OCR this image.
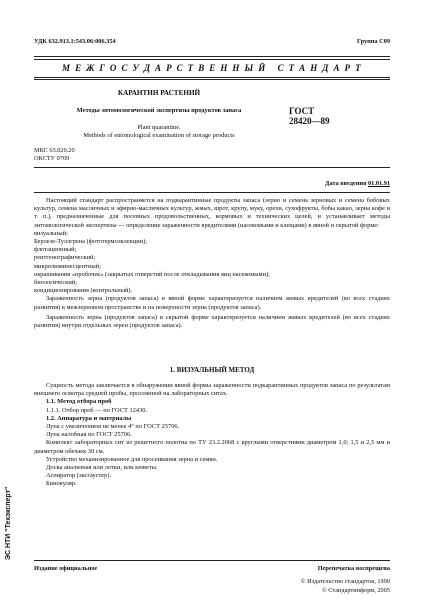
УДК 632.913.1:543.06:006.354	Группа С09
М Е Ж Г О С У Д А Р С Т В Е Н Н Ы Й   С Т А Н Д А Р Т
КАРАНТИН РАСТЕНИЙ
Методы энтомологической экспертизы продуктов запаса
Plant quarantine.
Methods of entomological examination of storage products
ГОСТ
28420—89
МКС 65.020.20
ОКСТУ 9709
Дата введения 01.01.91
Настоящий стандарт распространяется на подкарантинные продукты запаса (зерно и семена зерновых и семена бобовых культур, семена масличных и эфирно-масличных культур, жмых, шрот, крупу, муку, орехи, сухофрукты, бобы какао, зерна кофе и т. п.), предназначенные для посевных продовольственных, кормовых и технических целей, и устанавливает методы энтомологической экспертизы — определение зараженности вредителями (насекомыми и клещами) в явной и скрытой форме:
визуальный;
Берлезе-Туллгрена (фототермоэклекции);
флотационный;
рентгенографический;
микролюминесцентный;
окрашивания «пробочек» (закрытых отверстий после откладывания яиц насекомыми);
биологический;
кондиционирования (контрольный).
Зараженность зерна (продуктов запаса) в явной форме характеризуется наличием живых вредителей (во всех стадиях развития) в межзерновом пространстве и на поверхности зерна (продуктов запаса).
Зараженность зерна (продуктов запаса) в скрытой форме характеризуется наличием живых вредителей (во всех стадиях развития) внутри отдельных зерен (продуктов запаса).
1. ВИЗУАЛЬНЫЙ МЕТОД
Сущность метода заключается в обнаружении явной формы зараженности подкарантинных продуктов запаса по результатам внешнего осмотра средней пробы, просеянной на лабораторных ситах.
1.1. Метод отбора проб
1.1.1. Отбор проб — по ГОСТ 12430.
1.2. Аппаратура и материалы
Лупа с увеличением не менее 4° по ГОСТ 25706.
Лупа налобная по ГОСТ 25706.
Комплект лабораторных сит из решетного полотна по ТУ 23.2.2068 с круглыми отверстиями диаметром 1,0; 1,5 и 2,5 мм и диаметром обечаек 30 см.
Устройство механизированное для просеивания зерна и семян.
Доска анализная или лотки, или кюветы.
Аспиратор (эксгаустер).
Бинокуляр.
Издание официальное	Перепечатка воспрещена
© Издательство стандартов, 1990
© Стандартинформ, 2005
ЭС НТИ "Техэксперт"
